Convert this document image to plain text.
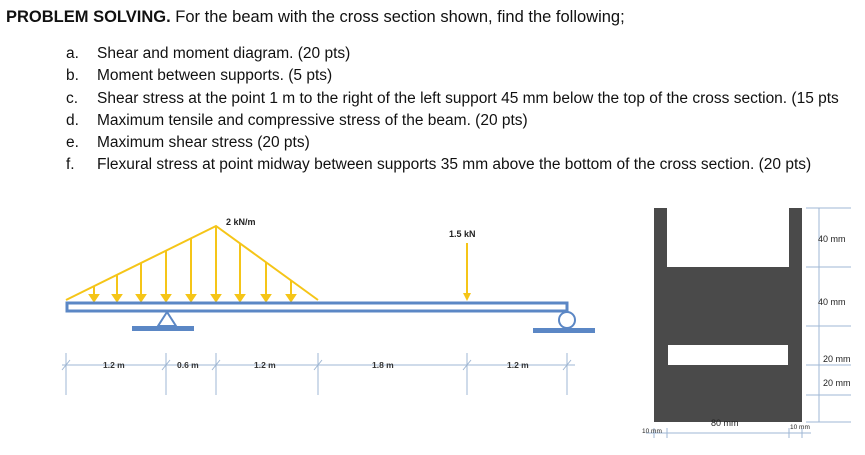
PROBLEM SOLVING. For the beam with the cross section shown, find the following;
a.	Shear and moment diagram. (20 pts)
b.	Moment between supports. (5 pts)
c.	Shear stress at the point 1 m to the right of the left support 45 mm below the top of the cross section. (15 pts
d.	Maximum tensile and compressive stress of the beam. (20 pts)
e.	Maximum shear stress (20 pts)
f.	Flexural stress at point midway between supports 35 mm above the bottom of the cross section. (20 pts)
2 kN/m
1.5 kN
1.2 m	0.6 m	1.2 m	1.8 m	1.2 m
40 mm
40 mm
20 mm
20 mm
80 mm
10 mm
10 mm
